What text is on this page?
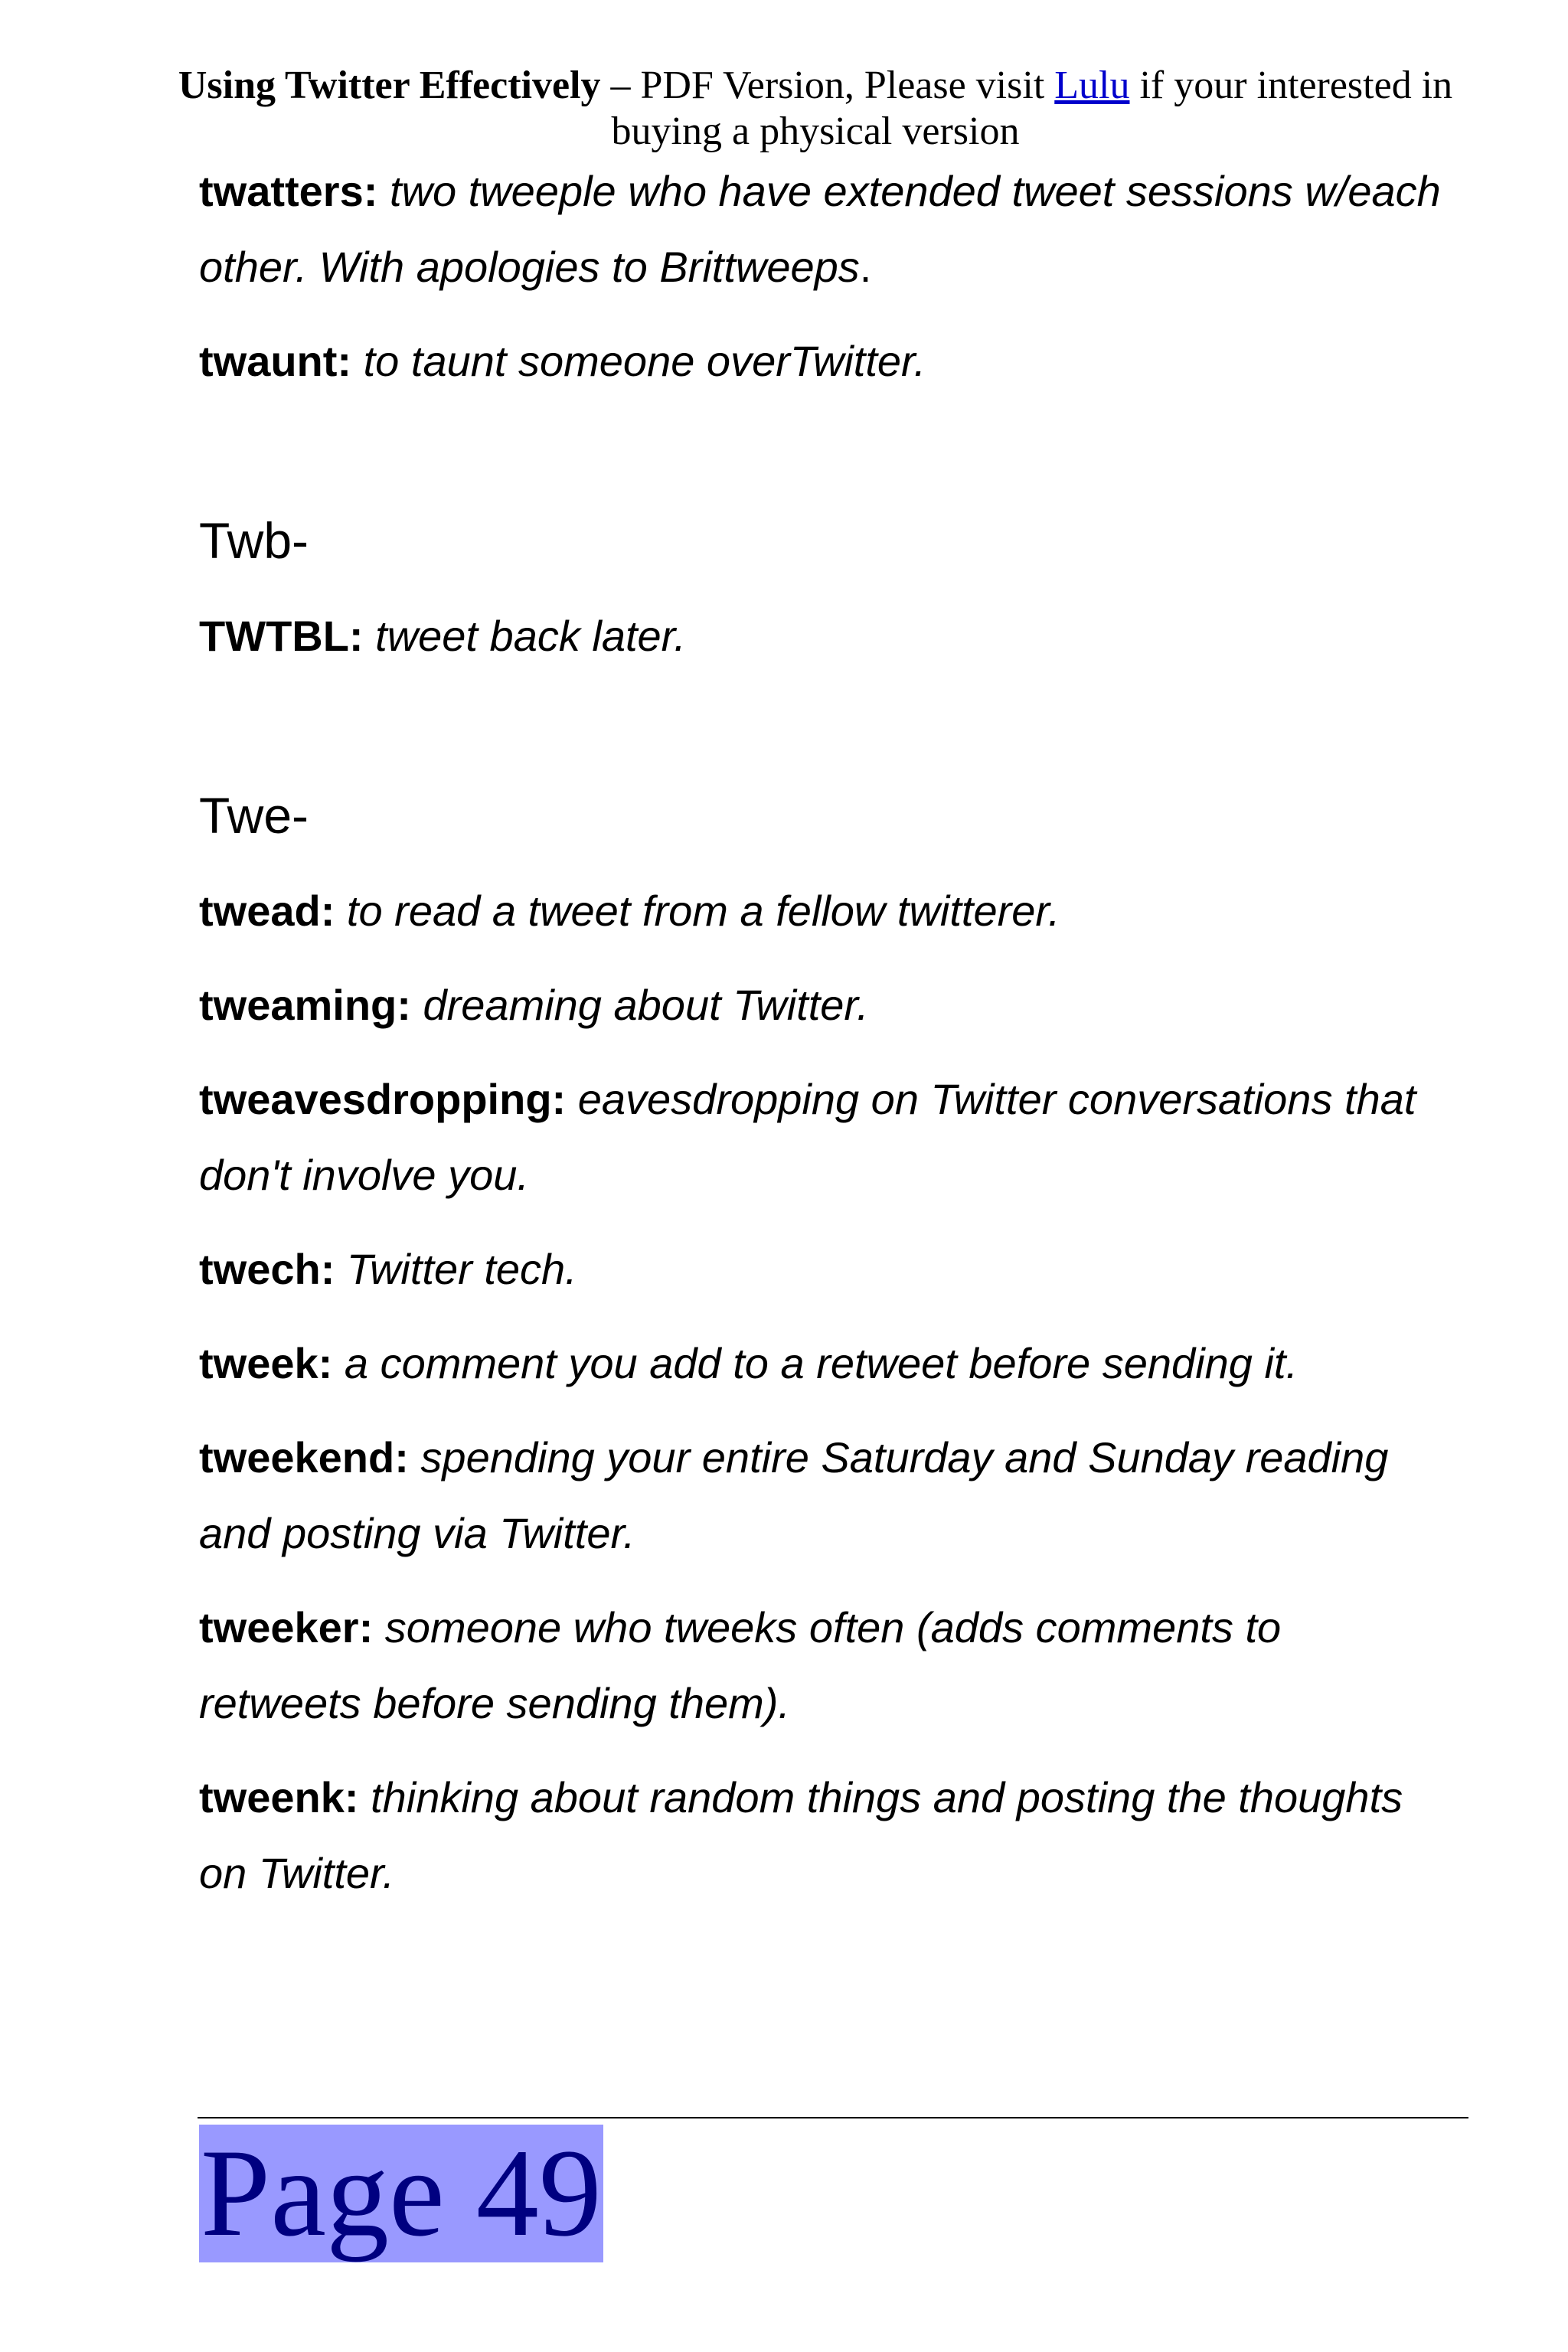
Using Twitter Effectively – PDF Version, Please visit Lulu if your interested in buying a physical version

twatters: two tweeple who have extended tweet sessions w/each other. With apologies to Brittweeps.

twaunt: to taunt someone overTwitter.

Twb-

TWTBL: tweet back later.

Twe-

twead: to read a tweet from a fellow twitterer.

tweaming: dreaming about Twitter.

tweavesdropping: eavesdropping on Twitter conversations that don't involve you.

twech: Twitter tech.

tweek: a comment you add to a retweet before sending it.

tweekend: spending your entire Saturday and Sunday reading and posting via Twitter.

tweeker: someone who tweeks often (adds comments to retweets before sending them).

tweenk: thinking about random things and posting the thoughts on Twitter.

Page 49
